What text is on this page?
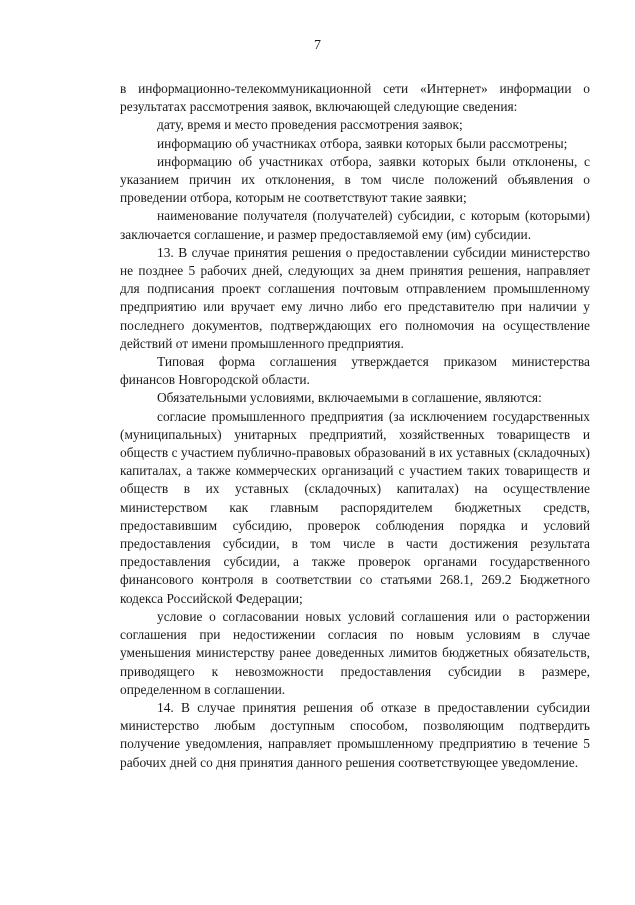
7

в информационно-телекоммуникационной сети «Интернет» информации о результатах рассмотрения заявок, включающей следующие сведения:

дату, время и место проведения рассмотрения заявок;

информацию об участниках отбора, заявки которых были рассмотрены;

информацию об участниках отбора, заявки которых были отклонены, с указанием причин их отклонения, в том числе положений объявления о проведении отбора, которым не соответствуют такие заявки;

наименование получателя (получателей) субсидии, с которым (которыми) заключается соглашение, и размер предоставляемой ему (им) субсидии.

13. В случае принятия решения о предоставлении субсидии министерство не позднее 5 рабочих дней, следующих за днем принятия решения, направляет для подписания проект соглашения почтовым отправлением промышленному предприятию или вручает ему лично либо его представителю при наличии у последнего документов, подтверждающих его полномочия на осуществление действий от имени промышленного предприятия.

Типовая форма соглашения утверждается приказом министерства финансов Новгородской области.

Обязательными условиями, включаемыми в соглашение, являются:

согласие промышленного предприятия (за исключением государственных (муниципальных) унитарных предприятий, хозяйственных товариществ и обществ с участием публично-правовых образований в их уставных (складочных) капиталах, а также коммерческих организаций с участием таких товариществ и обществ в их уставных (складочных) капиталах) на осуществление министерством как главным распорядителем бюджетных средств, предоставившим субсидию, проверок соблюдения порядка и условий предоставления субсидии, в том числе в части достижения результата предоставления субсидии, а также проверок органами государственного финансового контроля в соответствии со статьями 268.1, 269.2 Бюджетного кодекса Российской Федерации;

условие о согласовании новых условий соглашения или о расторжении соглашения при недостижении согласия по новым условиям в случае уменьшения министерству ранее доведенных лимитов бюджетных обязательств, приводящего к невозможности предоставления субсидии в размере, определенном в соглашении.

14. В случае принятия решения об отказе в предоставлении субсидии министерство любым доступным способом, позволяющим подтвердить получение уведомления, направляет промышленному предприятию в течение 5 рабочих дней со дня принятия данного решения соответствующее уведомление.
